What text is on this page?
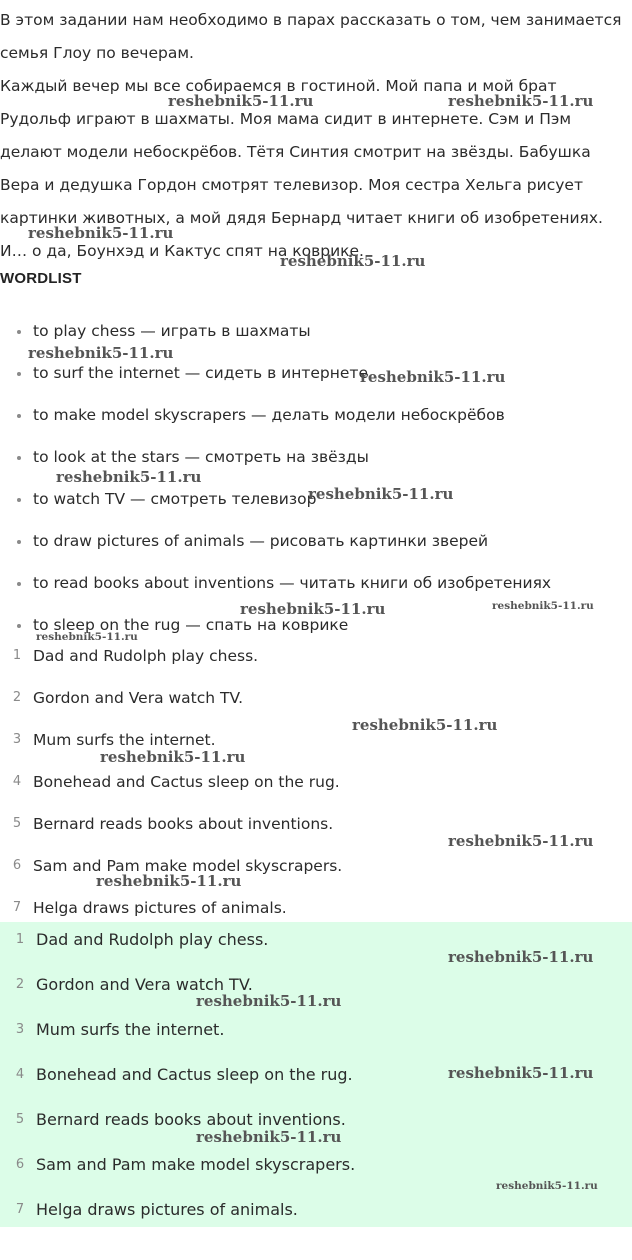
В этом задании нам необходимо в парах рассказать о том, чем занимается семья Глоу по вечерам.

Каждый вечер мы все собираемся в гостиной. Мой папа и мой брат Рудольф играют в шахматы. Моя мама сидит в интернете. Сэм и Пэм делают модели небоскрёбов. Тётя Синтия смотрит на звёзды. Бабушка Вера и дедушка Гордон смотрят телевизор. Моя сестра Хельга рисует картинки животных, а мой дядя Бернард читает книги об изобретениях. И… о да, Боунхэд и Кактус спят на коврике.

WORDLIST
to play chess — играть в шахматы
to surf the internet — сидеть в интернете
to make model skyscrapers — делать модели небоскрёбов
to look at the stars — смотреть на звёзды
to watch TV — смотреть телевизор
to draw pictures of animals — рисовать картинки зверей
to read books about inventions — читать книги об изобретениях
to sleep on the rug — спать на коврике
1 Dad and Rudolph play chess.
2 Gordon and Vera watch TV.
3 Mum surfs the internet.
4 Bonehead and Cactus sleep on the rug.
5 Bernard reads books about inventions.
6 Sam and Pam make model skyscrapers.
7 Helga draws pictures of animals.
1 Dad and Rudolph play chess.
2 Gordon and Vera watch TV.
3 Mum surfs the internet.
4 Bonehead and Cactus sleep on the rug.
5 Bernard reads books about inventions.
6 Sam and Pam make model skyscrapers.
7 Helga draws pictures of animals.
reshebnik5-11.ru	reshebnik5-11.ru
reshebnik5-11.ru
reshebnik5-11.ru
reshebnik5-11.ru
reshebnik5-11.ru
reshebnik5-11.ru
reshebnik5-11.ru
reshebnik5-11.ru	reshebnik5-11.ru
reshebnik5-11.ru
reshebnik5-11.ru
reshebnik5-11.ru
reshebnik5-11.ru
reshebnik5-11.ru
reshebnik5-11.ru
reshebnik5-11.ru
reshebnik5-11.ru
reshebnik5-11.ru
reshebnik5-11.ru
